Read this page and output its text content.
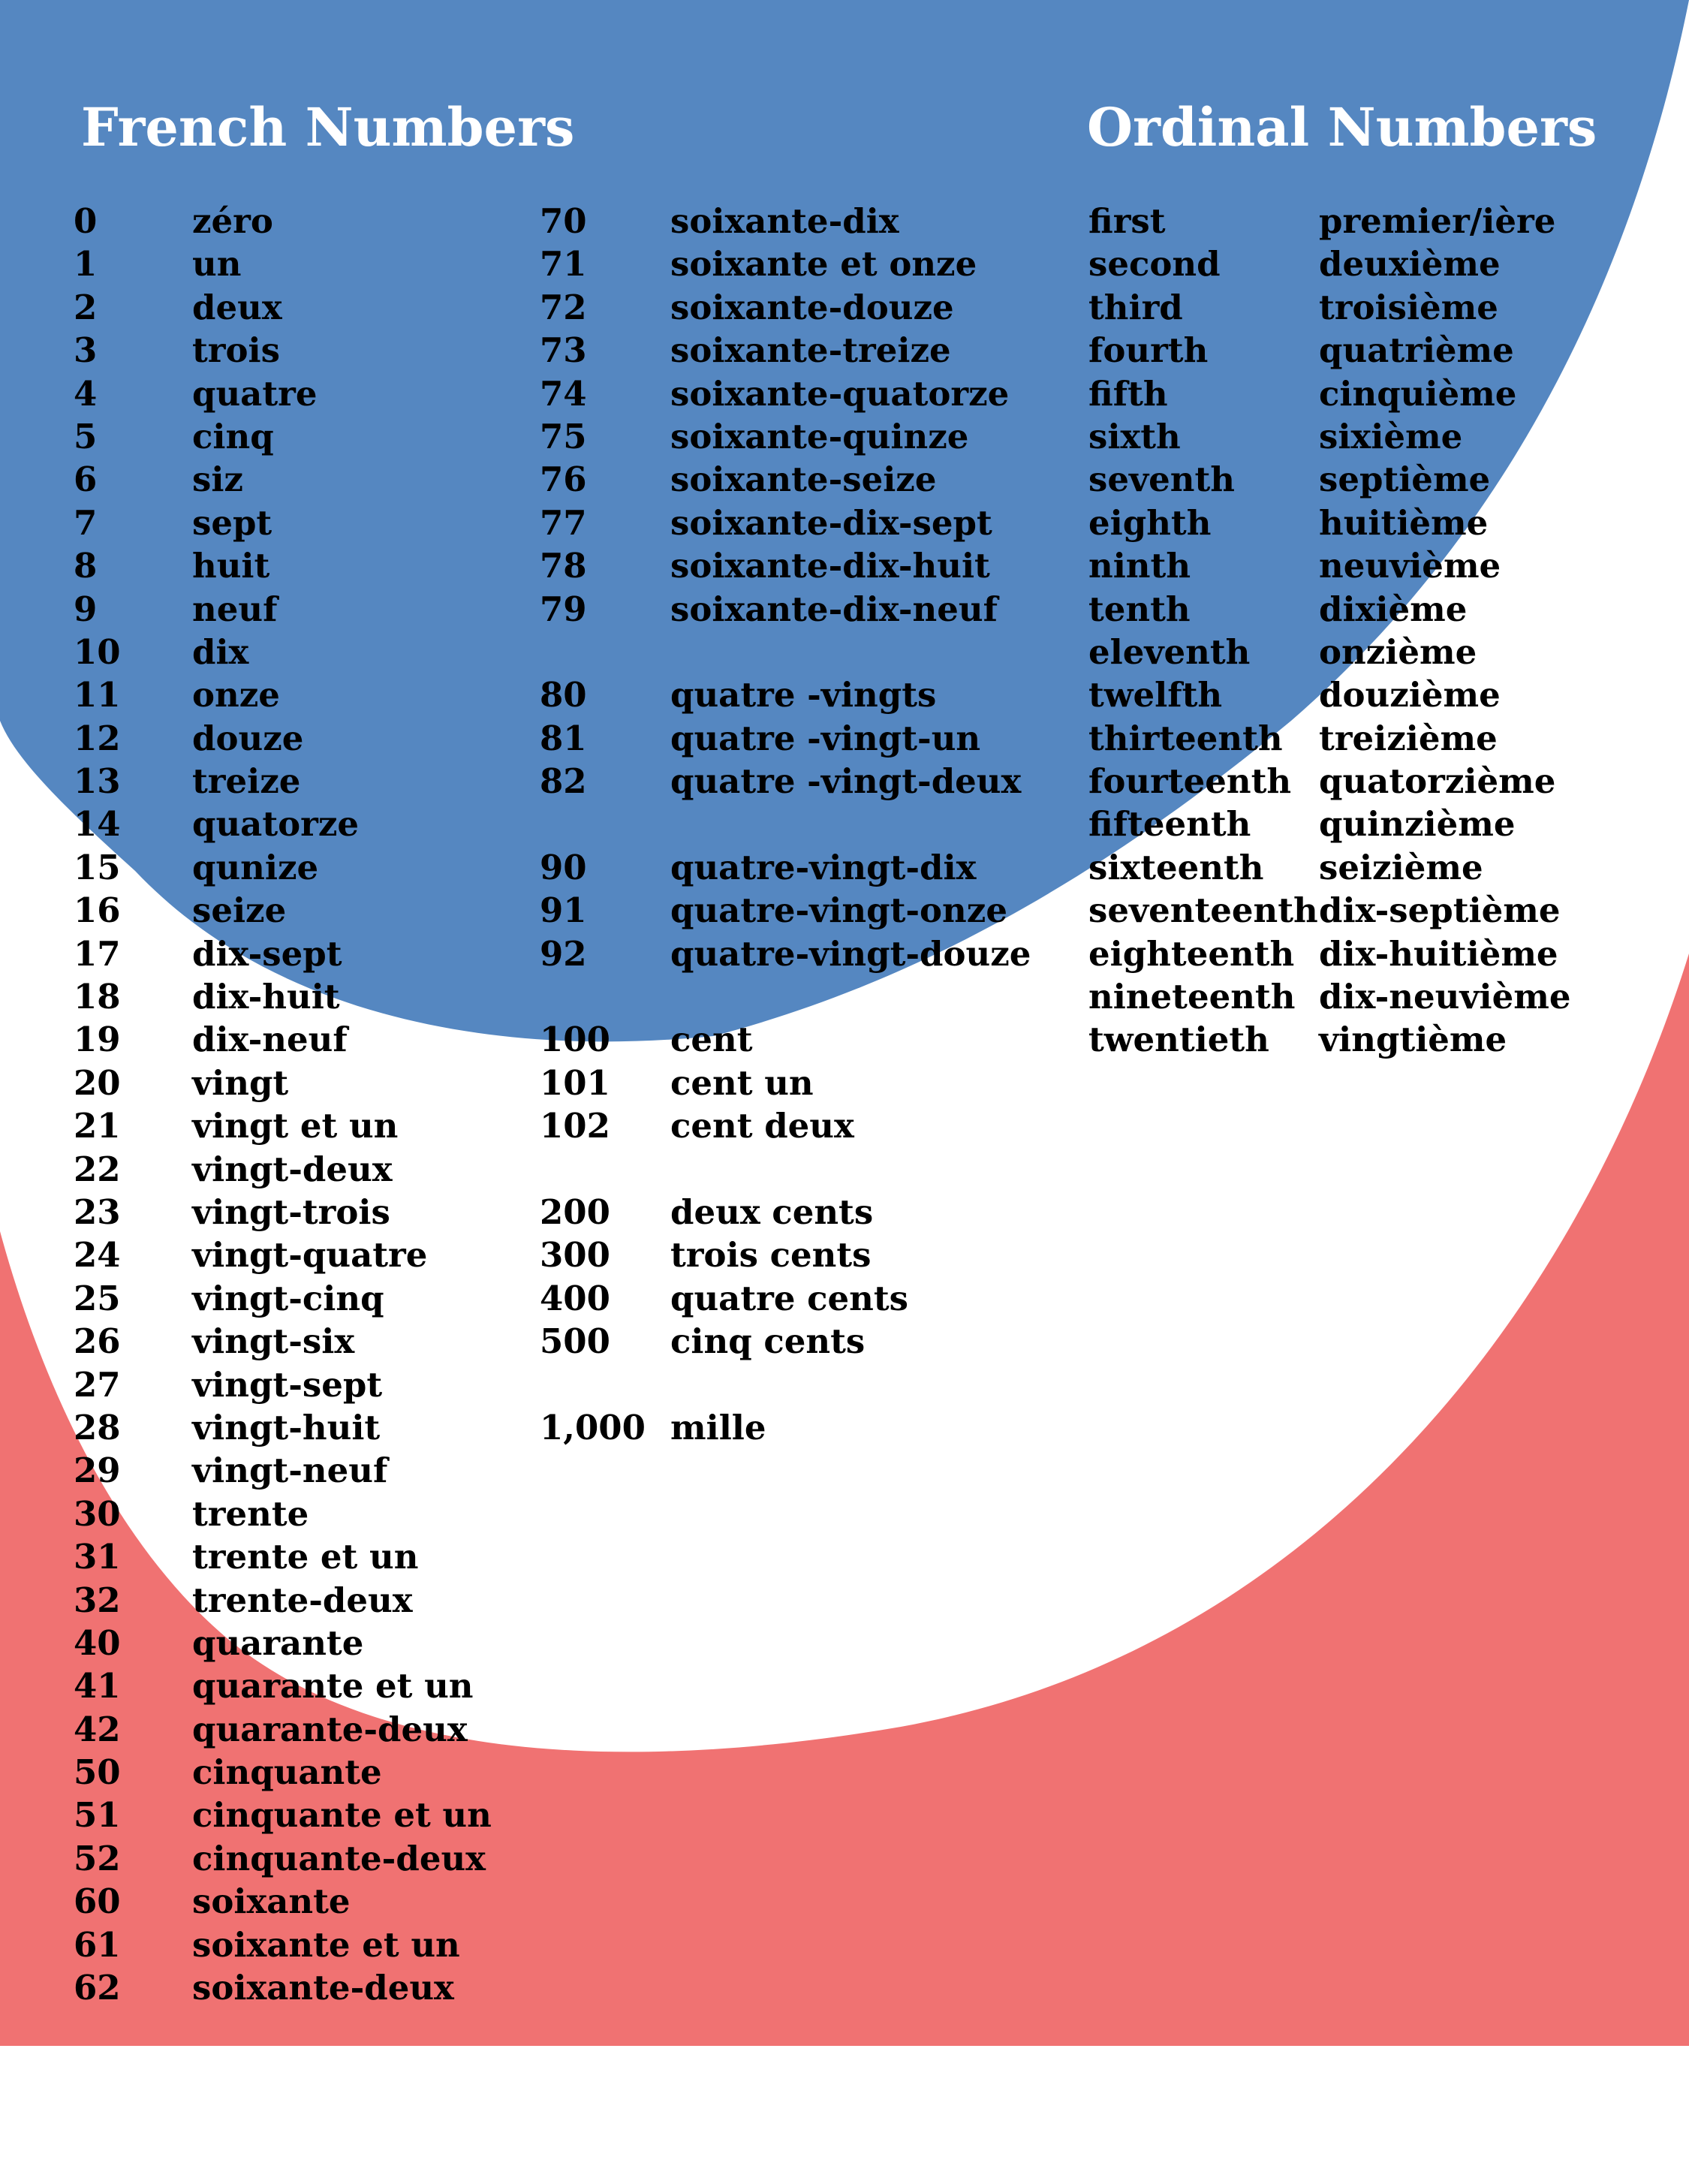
French Numbers	Ordinal Numbers
0	zéro
1	un
2	deux
3	trois
4	quatre
5	cinq
6	siz
7	sept
8	huit
9	neuf
10	dix
11	onze
12	douze
13	treize
14	quatorze
15	qunize
16	seize
17	dix-sept
18	dix-huit
19	dix-neuf
20	vingt
21	vingt et un
22	vingt-deux
23	vingt-trois
24	vingt-quatre
25	vingt-cinq
26	vingt-six
27	vingt-sept
28	vingt-huit
29	vingt-neuf
30	trente
31	trente et un
32	trente-deux
40	quarante
41	quarante et un
42	quarante-deux
50	cinquante
51	cinquante et un
52	cinquante-deux
60	soixante
61	soixante et un
62	soixante-deux
70	soixante-dix
71	soixante et onze
72	soixante-douze
73	soixante-treize
74	soixante-quatorze
75	soixante-quinze
76	soixante-seize
77	soixante-dix-sept
78	soixante-dix-huit
79	soixante-dix-neuf
80	quatre -vingts
81	quatre -vingt-un
82	quatre -vingt-deux
90	quatre-vingt-dix
91	quatre-vingt-onze
92	quatre-vingt-douze
100	cent
101	cent un
102	cent deux
200	deux cents
300	trois cents
400	quatre cents
500	cinq cents
1,000 mille
first	premier/ière
second	deuxième
third	troisième
fourth	quatrième
fifth	cinquième
sixth	sixième
seventh	septième
eighth	huitième
ninth	neuvième
tenth	dixième
eleventh	onzième
twelfth	douzième
thirteenth	treizième
fourteenth quatorzième
fifteenth	quinzième
sixteenth	seizième
seventeenth dix-septième
eighteenth dix-huitième
nineteenth dix-neuvième
twentieth	vingtième
